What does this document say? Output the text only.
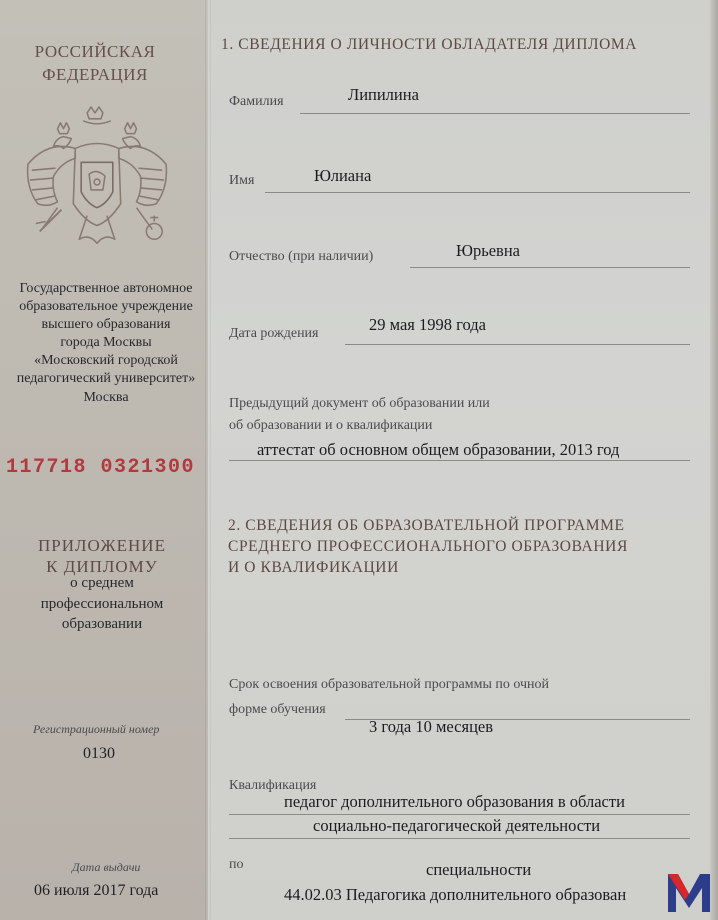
РОССИЙСКАЯ
ФЕДЕРАЦИЯ
Государственное автономное
образовательное учреждение
высшего образования
города Москвы
«Московский городской
педагогический университет»
Москва
117718 0321300
ПРИЛОЖЕНИЕ
К ДИПЛОМУ
о среднем
профессиональном
образовании
Регистрационный номер
0130
Дата выдачи
06 июля 2017 года
1. СВЕДЕНИЯ О ЛИЧНОСТИ ОБЛАДАТЕЛЯ ДИПЛОМА
Фамилия	Липилина
Имя	Юлиана
Отчество (при наличии)	Юрьевна
Дата рождения	29 мая 1998 года
Предыдущий документ об образовании или
об образовании и о квалификации
аттестат об основном общем образовании, 2013 год
2. СВЕДЕНИЯ ОБ ОБРАЗОВАТЕЛЬНОЙ ПРОГРАММЕ
СРЕДНЕГО ПРОФЕССИОНАЛЬНОГО ОБРАЗОВАНИЯ
И О КВАЛИФИКАЦИИ
Срок освоения образовательной программы по очной
форме обучения
3 года 10 месяцев
Квалификация
педагог дополнительного образования в области
социально-педагогической деятельности
по	специальности
44.02.03 Педагогика дополнительного образован
